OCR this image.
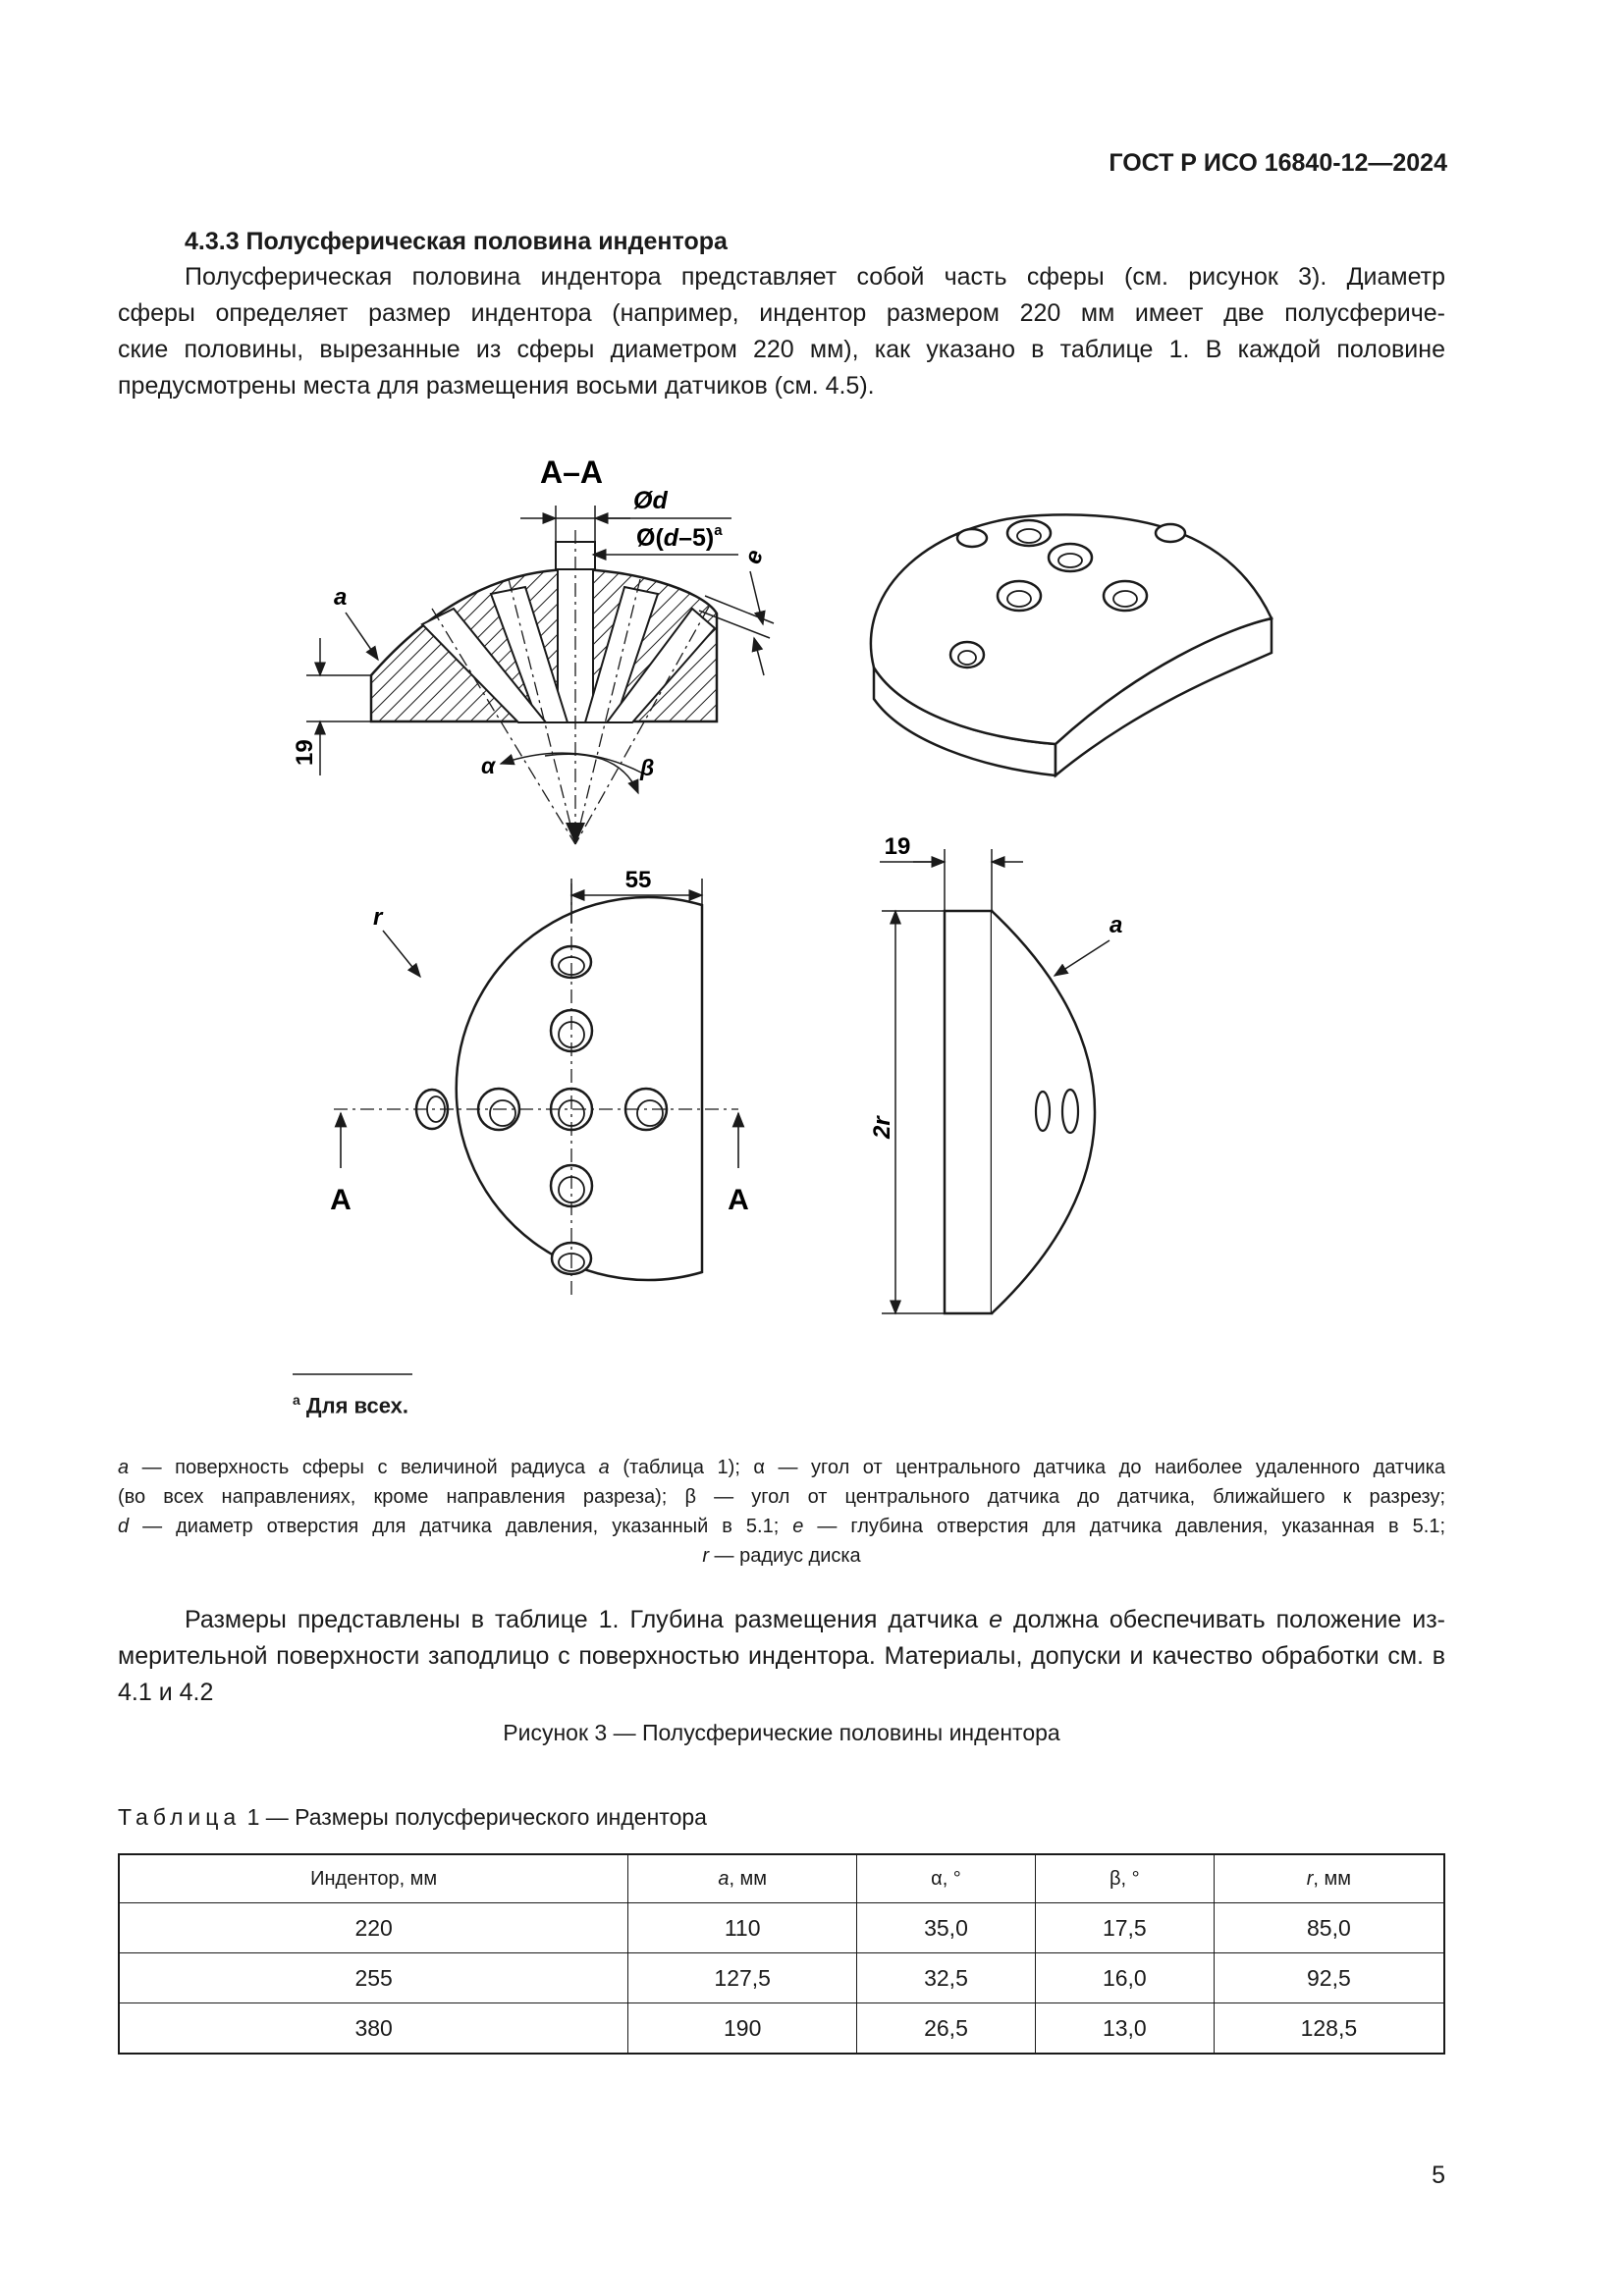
ГОСТ Р ИСО 16840-12—2024
4.3.3 Полусферическая половина индентора

Полусферическая половина индентора представляет собой часть сферы (см. рисунок 3). Диаметр
сферы определяет размер индентора (например, индентор размером 220 мм имеет две полусфериче-
ские половины, вырезанные из сферы диаметром 220 мм), как указано в таблице 1. В каждой половине
предусмотрены места для размещения восьми датчиков (см. 4.5).

A–A
Ød
$Ø(d-5)^a$
e
a
19	α	β
A	A
55
r
19
2r
a
$^a$ Для всех.
a — поверхность сферы с величиной радиуса a (таблица 1); α — угол от центрального датчика до наиболее удаленного датчика
(во всех направлениях, кроме направления разреза); β — угол от центрального датчика до датчика, ближайшего к разрезу;
d — диаметр отверстия для датчика давления, указанный в 5.1; e — глубина отверстия для датчика давления, указанная в 5.1;
r — радиус диска

Размеры представлены в таблице 1. Глубина размещения датчика e должна обеспечивать положение из-
мерительной поверхности заподлицо с поверхностью индентора. Материалы, допуски и качество обработки см. в
4.1 и 4.2

Рисунок 3 — Полусферические половины индентора
Таблица 1 — Размеры полусферического индентора
Индентор, мм	a, мм	α, °	β, °	r, мм
220	110	35,0	17,5	85,0
255	127,5	32,5	16,0	92,5
380	190	26,5	13,0	128,5
5
